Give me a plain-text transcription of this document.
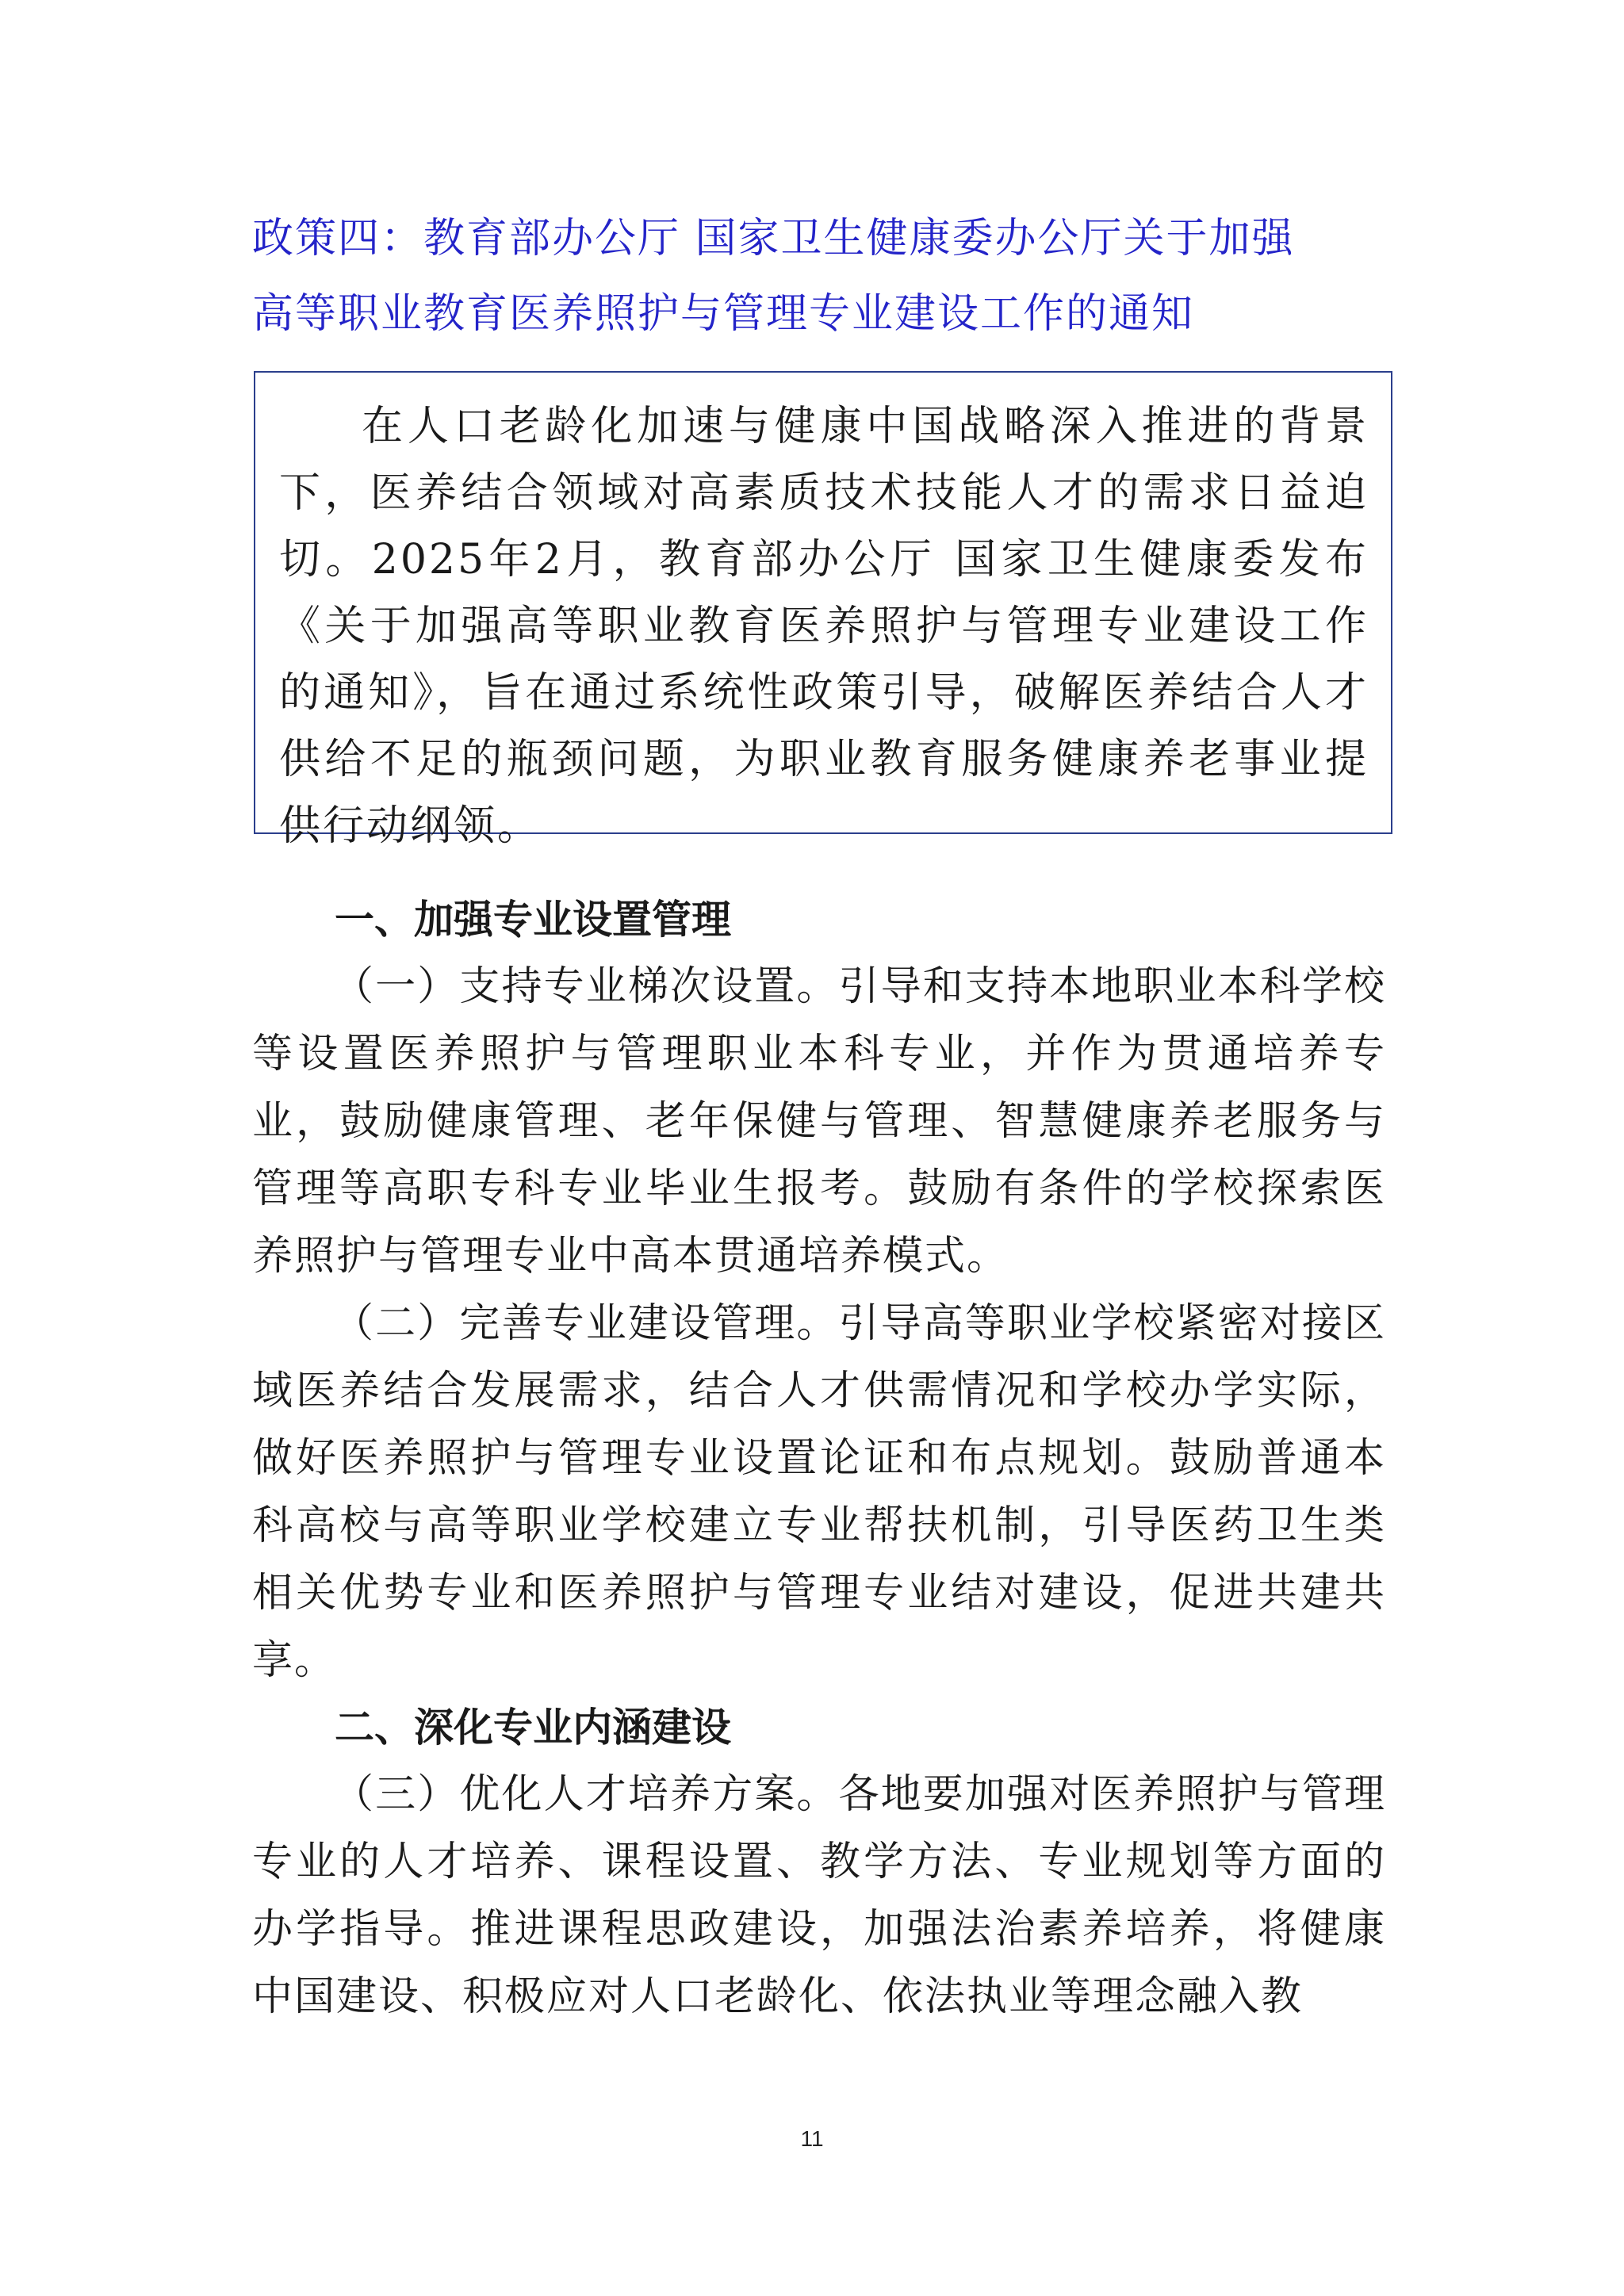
政策四：教育部办公厅 国家卫生健康委办公厅关于加强
高等职业教育医养照护与管理专业建设工作的通知

在人口老龄化加速与健康中国战略深入推进的背景下，医养结合领域对高素质技术技能人才的需求日益迫切。2025年2月，教育部办公厅 国家卫生健康委发布《关于加强高等职业教育医养照护与管理专业建设工作的通知》，旨在通过系统性政策引导，破解医养结合人才供给不足的瓶颈问题，为职业教育服务健康养老事业提供行动纲领。

一、加强专业设置管理

（一）支持专业梯次设置。引导和支持本地职业本科学校等设置医养照护与管理职业本科专业，并作为贯通培养专业，鼓励健康管理、老年保健与管理、智慧健康养老服务与管理等高职专科专业毕业生报考。鼓励有条件的学校探索医养照护与管理专业中高本贯通培养模式。

（二）完善专业建设管理。引导高等职业学校紧密对接区域医养结合发展需求，结合人才供需情况和学校办学实际，做好医养照护与管理专业设置论证和布点规划。鼓励普通本科高校与高等职业学校建立专业帮扶机制，引导医药卫生类相关优势专业和医养照护与管理专业结对建设，促进共建共享。

二、深化专业内涵建设

（三）优化人才培养方案。各地要加强对医养照护与管理专业的人才培养、课程设置、教学方法、专业规划等方面的办学指导。推进课程思政建设，加强法治素养培养，将健康中国建设、积极应对人口老龄化、依法执业等理念融入教

11
